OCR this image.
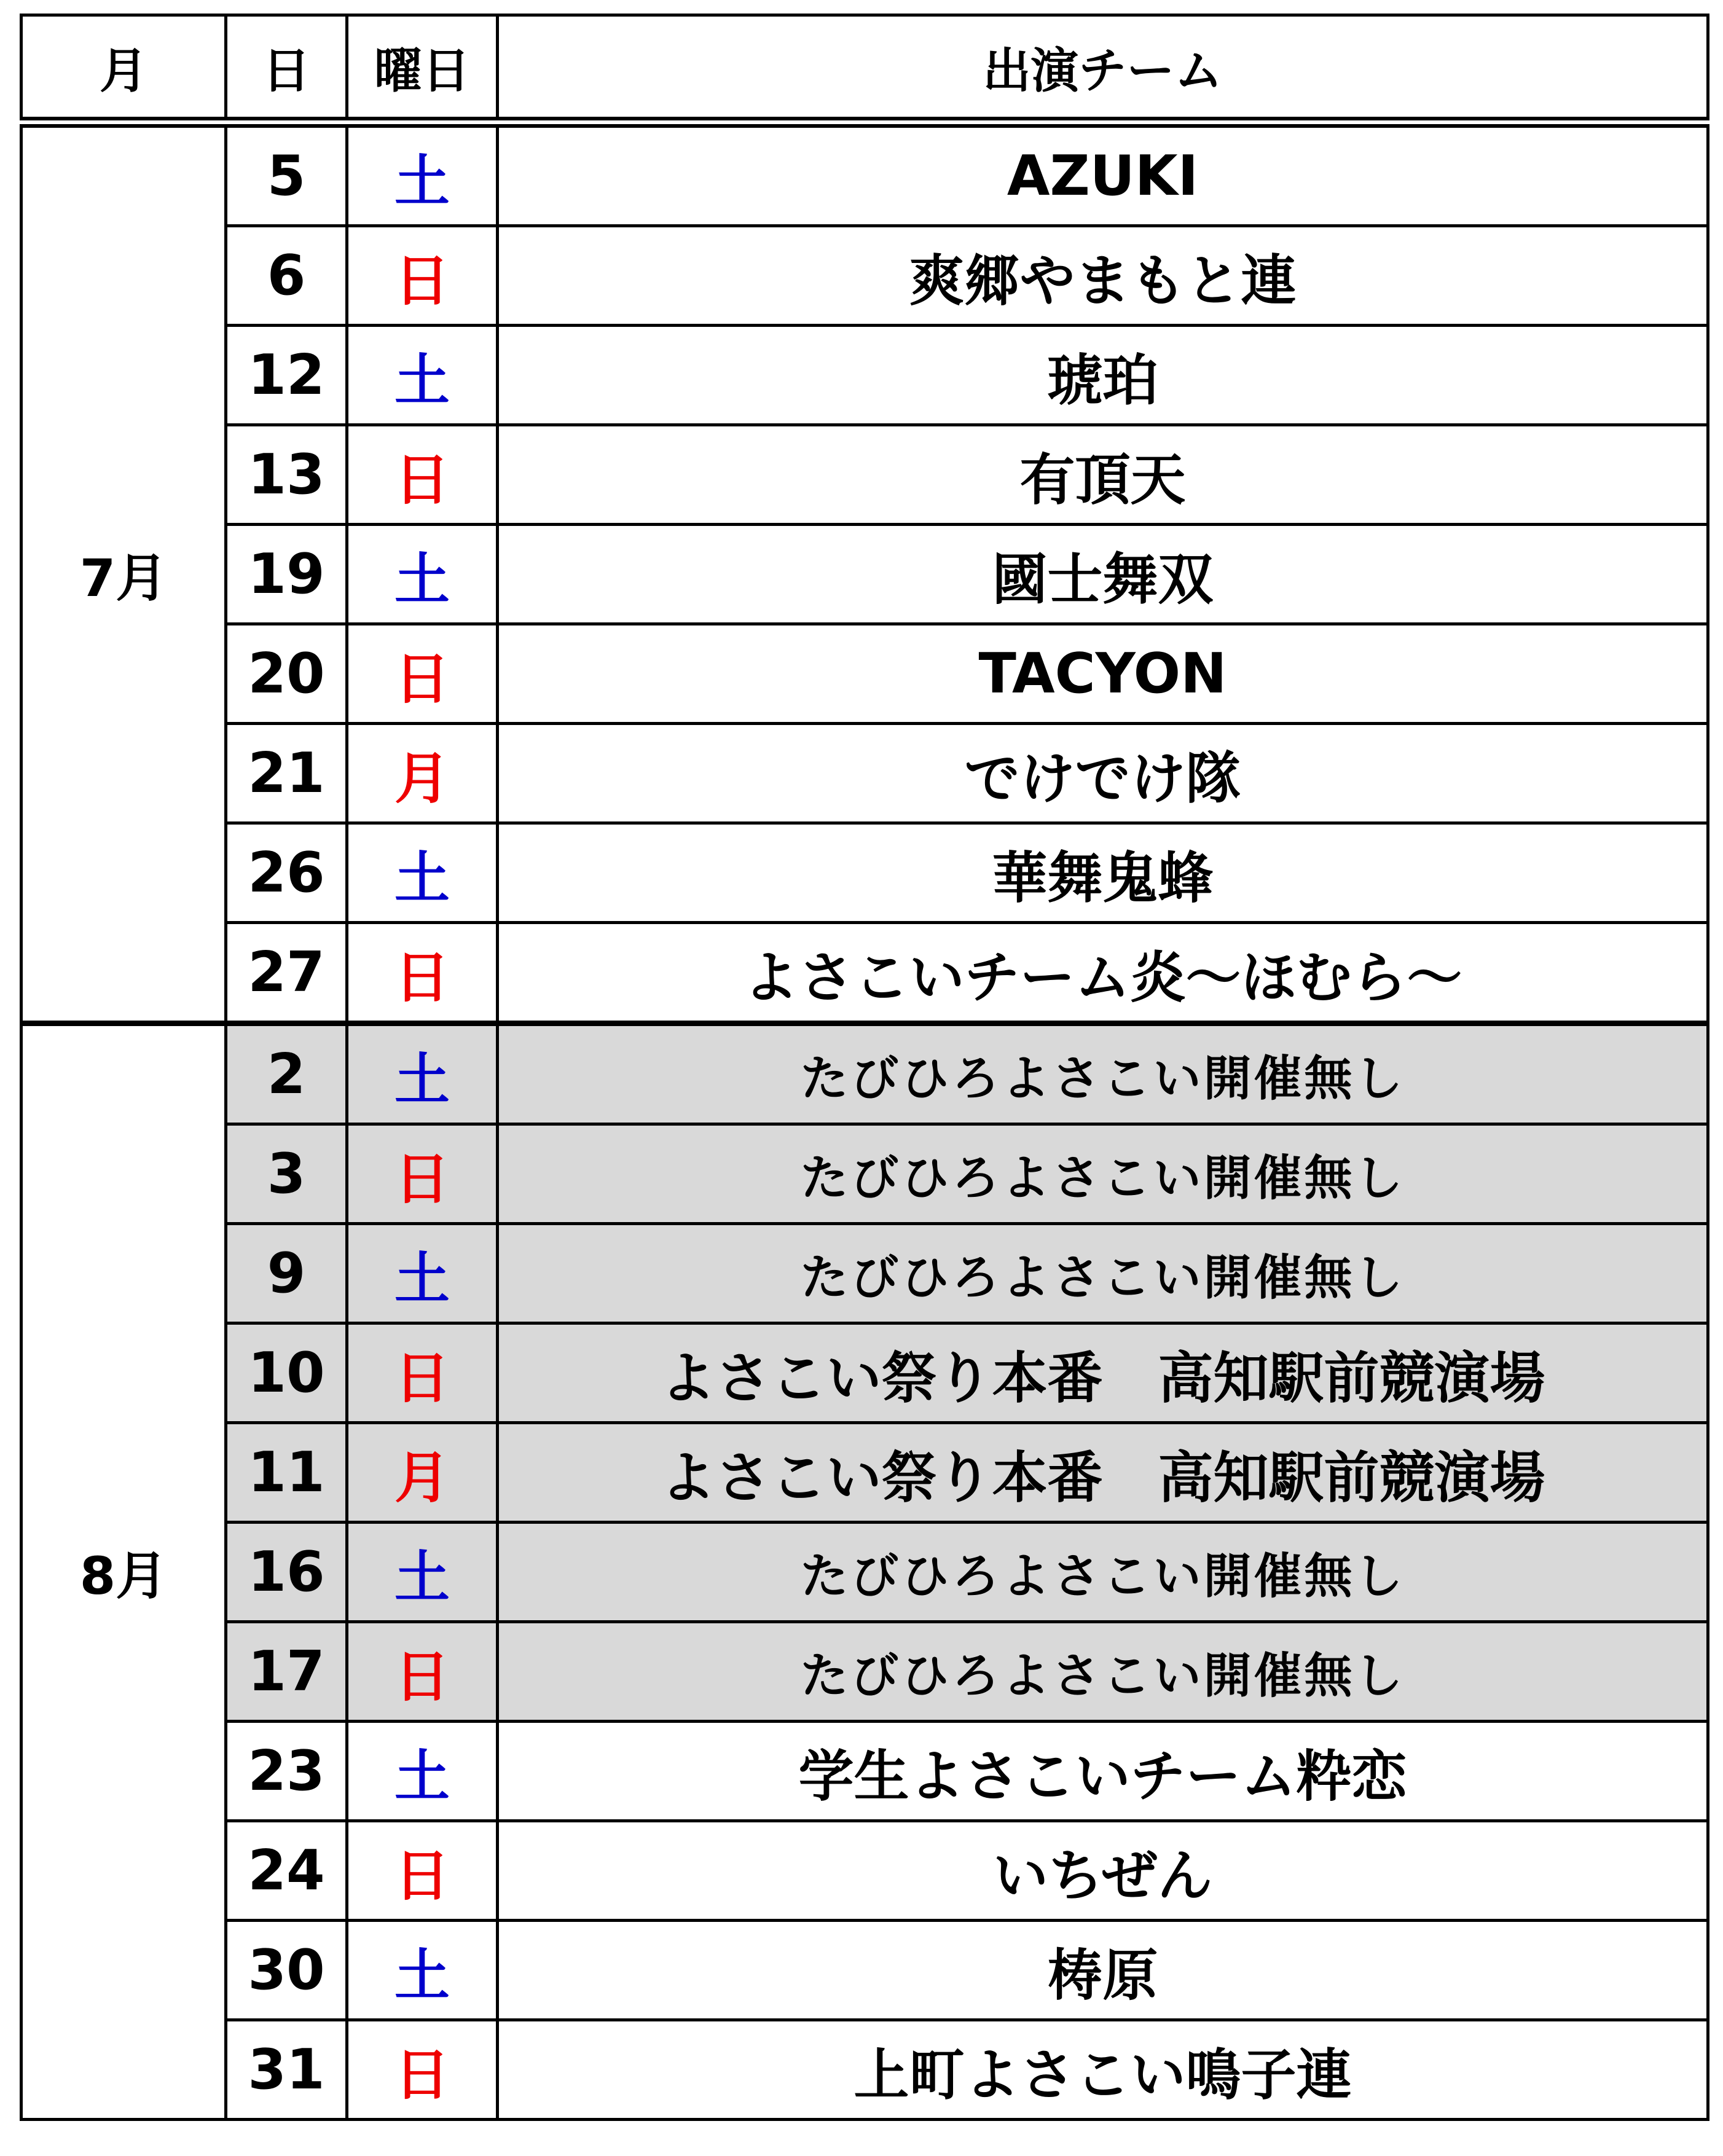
月	日	曜日	出演チーム
7月	5	土	AZUKI
	6	日	爽郷やまもと連
	12	土	琥珀
	13	日	有頂天
	19	土	國士舞双
	20	日	TACYON
	21	月	でけでけ隊
	26	土	華舞鬼蜂
	27	日	よさこいチーム炎～ほむら～
8月	2	土	たびひろよさこい開催無し
	3	日	たびひろよさこい開催無し
	9	土	たびひろよさこい開催無し
	10	日	よさこい祭り本番　高知駅前競演場
	11	月	よさこい祭り本番　高知駅前競演場
	16	土	たびひろよさこい開催無し
	17	日	たびひろよさこい開催無し
	23	土	学生よさこいチーム粋恋
	24	日	いちぜん
	30	土	梼原
	31	日	上町よさこい鳴子連
